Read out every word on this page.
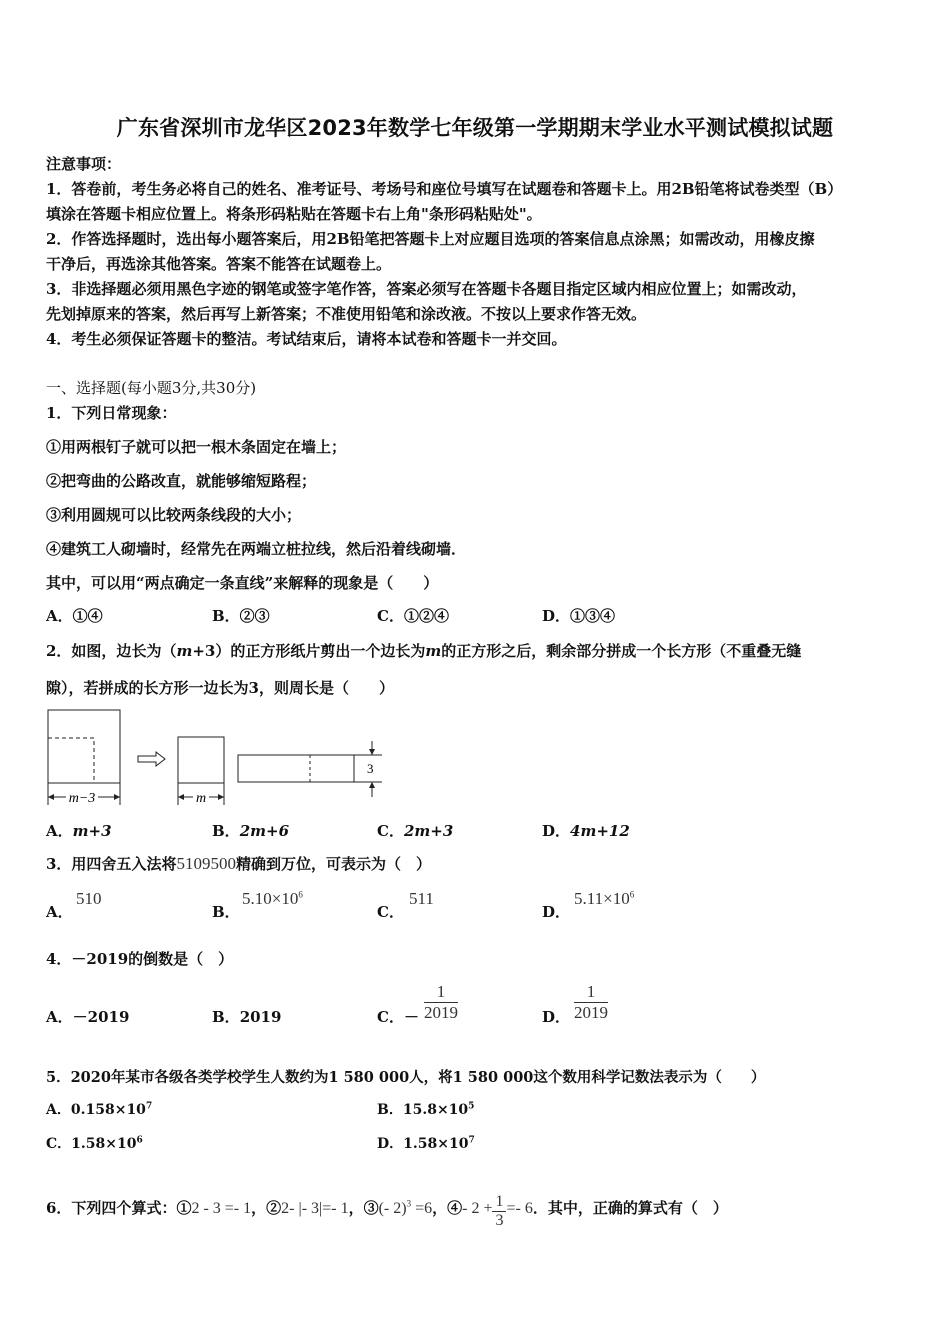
广东省深圳市龙华区2023年数学七年级第一学期期末学业水平测试模拟试题
注意事项：
1．答卷前，考生务必将自己的姓名、准考证号、考场号和座位号填写在试题卷和答题卡上。用2B铅笔将试卷类型（B）
填涂在答题卡相应位置上。将条形码粘贴在答题卡右上角"条形码粘贴处"。
2．作答选择题时，选出每小题答案后，用2B铅笔把答题卡上对应题目选项的答案信息点涂黑；如需改动，用橡皮擦
干净后，再选涂其他答案。答案不能答在试题卷上。
3．非选择题必须用黑色字迹的钢笔或签字笔作答，答案必须写在答题卡各题目指定区域内相应位置上；如需改动，
先划掉原来的答案，然后再写上新答案；不准使用铅笔和涂改液。不按以上要求作答无效。
4．考生必须保证答题卡的整洁。考试结束后，请将本试卷和答题卡一并交回。
一、选择题(每小题3分,共30分)
1．下列日常现象：
①用两根钉子就可以把一根木条固定在墙上；
②把弯曲的公路改直，就能够缩短路程；
③利用圆规可以比较两条线段的大小；
④建筑工人砌墙时，经常先在两端立桩拉线，然后沿着线砌墙．
其中，可以用“两点确定一条直线”来解释的现象是（　　）
A．①④	B．②③	C．①②④	D．①③④
2．如图，边长为（m+3）的正方形纸片剪出一个边长为m的正方形之后，剩余部分拼成一个长方形（不重叠无缝
隙），若拼成的长方形一边长为3，则周长是（　　）
m−3	m
3
A．m+3	B．2m+6	C．2m+3	D．4m+12
3．用四舍五入法将5109500精确到万位，可表示为（　）
A．
510
B．
$5.10\times 10^6$
C．
511
D．
$5.11\times 10^6$
4．－2019的倒数是（　）
A．－2019	B．2019	C．－ $\frac{1}{2019}$	D． $\frac{1}{2019}$
5．2020年某市各级各类学校学生人数约为1 580 000人，将1 580 000这个数用科学记数法表示为（　　）
A．$0.158\times 10^7$	B．$15.8\times 10^5$
C．$1.58\times 10^6$	D．$1.58\times 10^7$
6．下列四个算式：①2 - 3 =- 1，②2- |- 3|=- 1，③(- 2)$^3$ =6，④- $2 + \frac{1}{3} =- 6$．其中，正确的算式有（　）
